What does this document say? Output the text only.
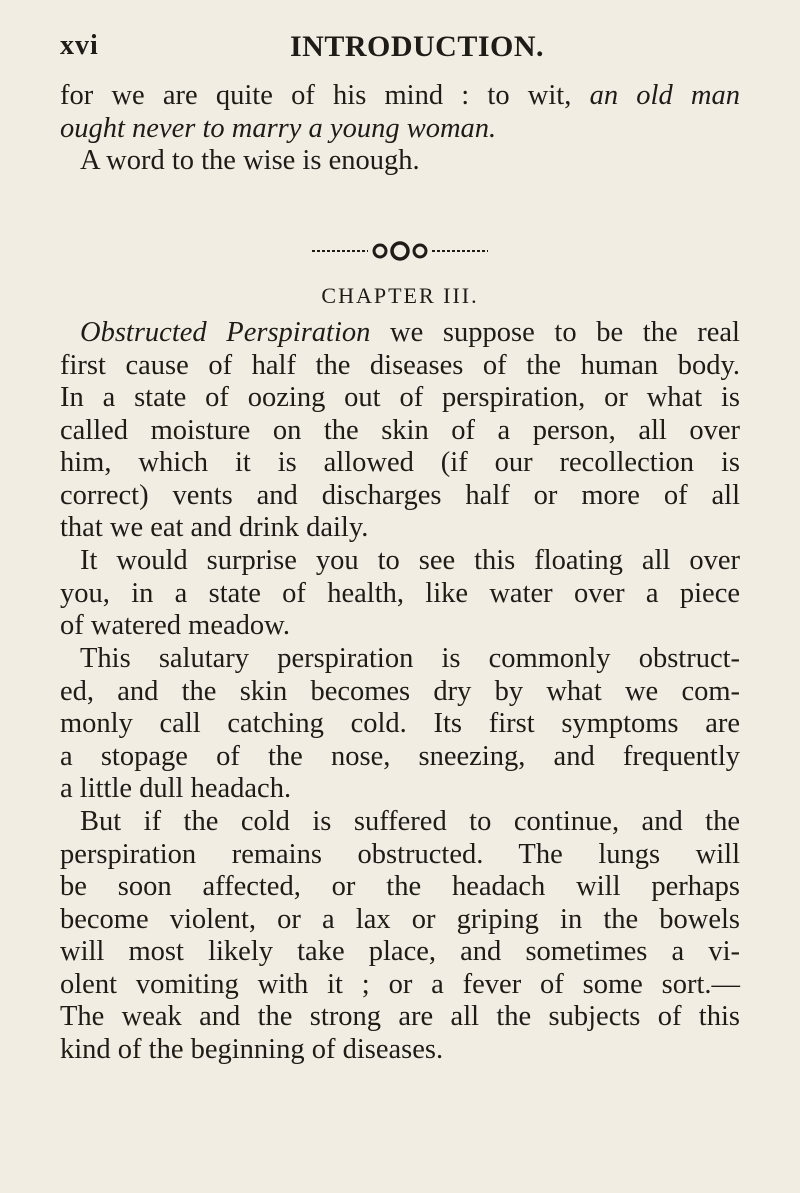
xvi	INTRODUCTION.
for we are quite of his mind : to wit, an old man
ought never to marry a young woman.
A word to the wise is enough.
CHAPTER III.
Obstructed Perspiration we suppose to be the real
first cause of half the diseases of the human body.
In a state of oozing out of perspiration, or what is
called moisture on the skin of a person, all over
him, which it is allowed (if our recollection is
correct) vents and discharges half or more of all
that we eat and drink daily.
It would surprise you to see this floating all over
you, in a state of health, like water over a piece
of watered meadow.
This salutary perspiration is commonly obstruct-
ed, and the skin becomes dry by what we com-
monly call catching cold. Its first symptoms are
a stopage of the nose, sneezing, and frequently
a little dull headach.
But if the cold is suffered to continue, and the
perspiration remains obstructed. The lungs will
be soon affected, or the headach will perhaps
become violent, or a lax or griping in the bowels
will most likely take place, and sometimes a vi-
olent vomiting with it ; or a fever of some sort.—
The weak and the strong are all the subjects of this
kind of the beginning of diseases.
